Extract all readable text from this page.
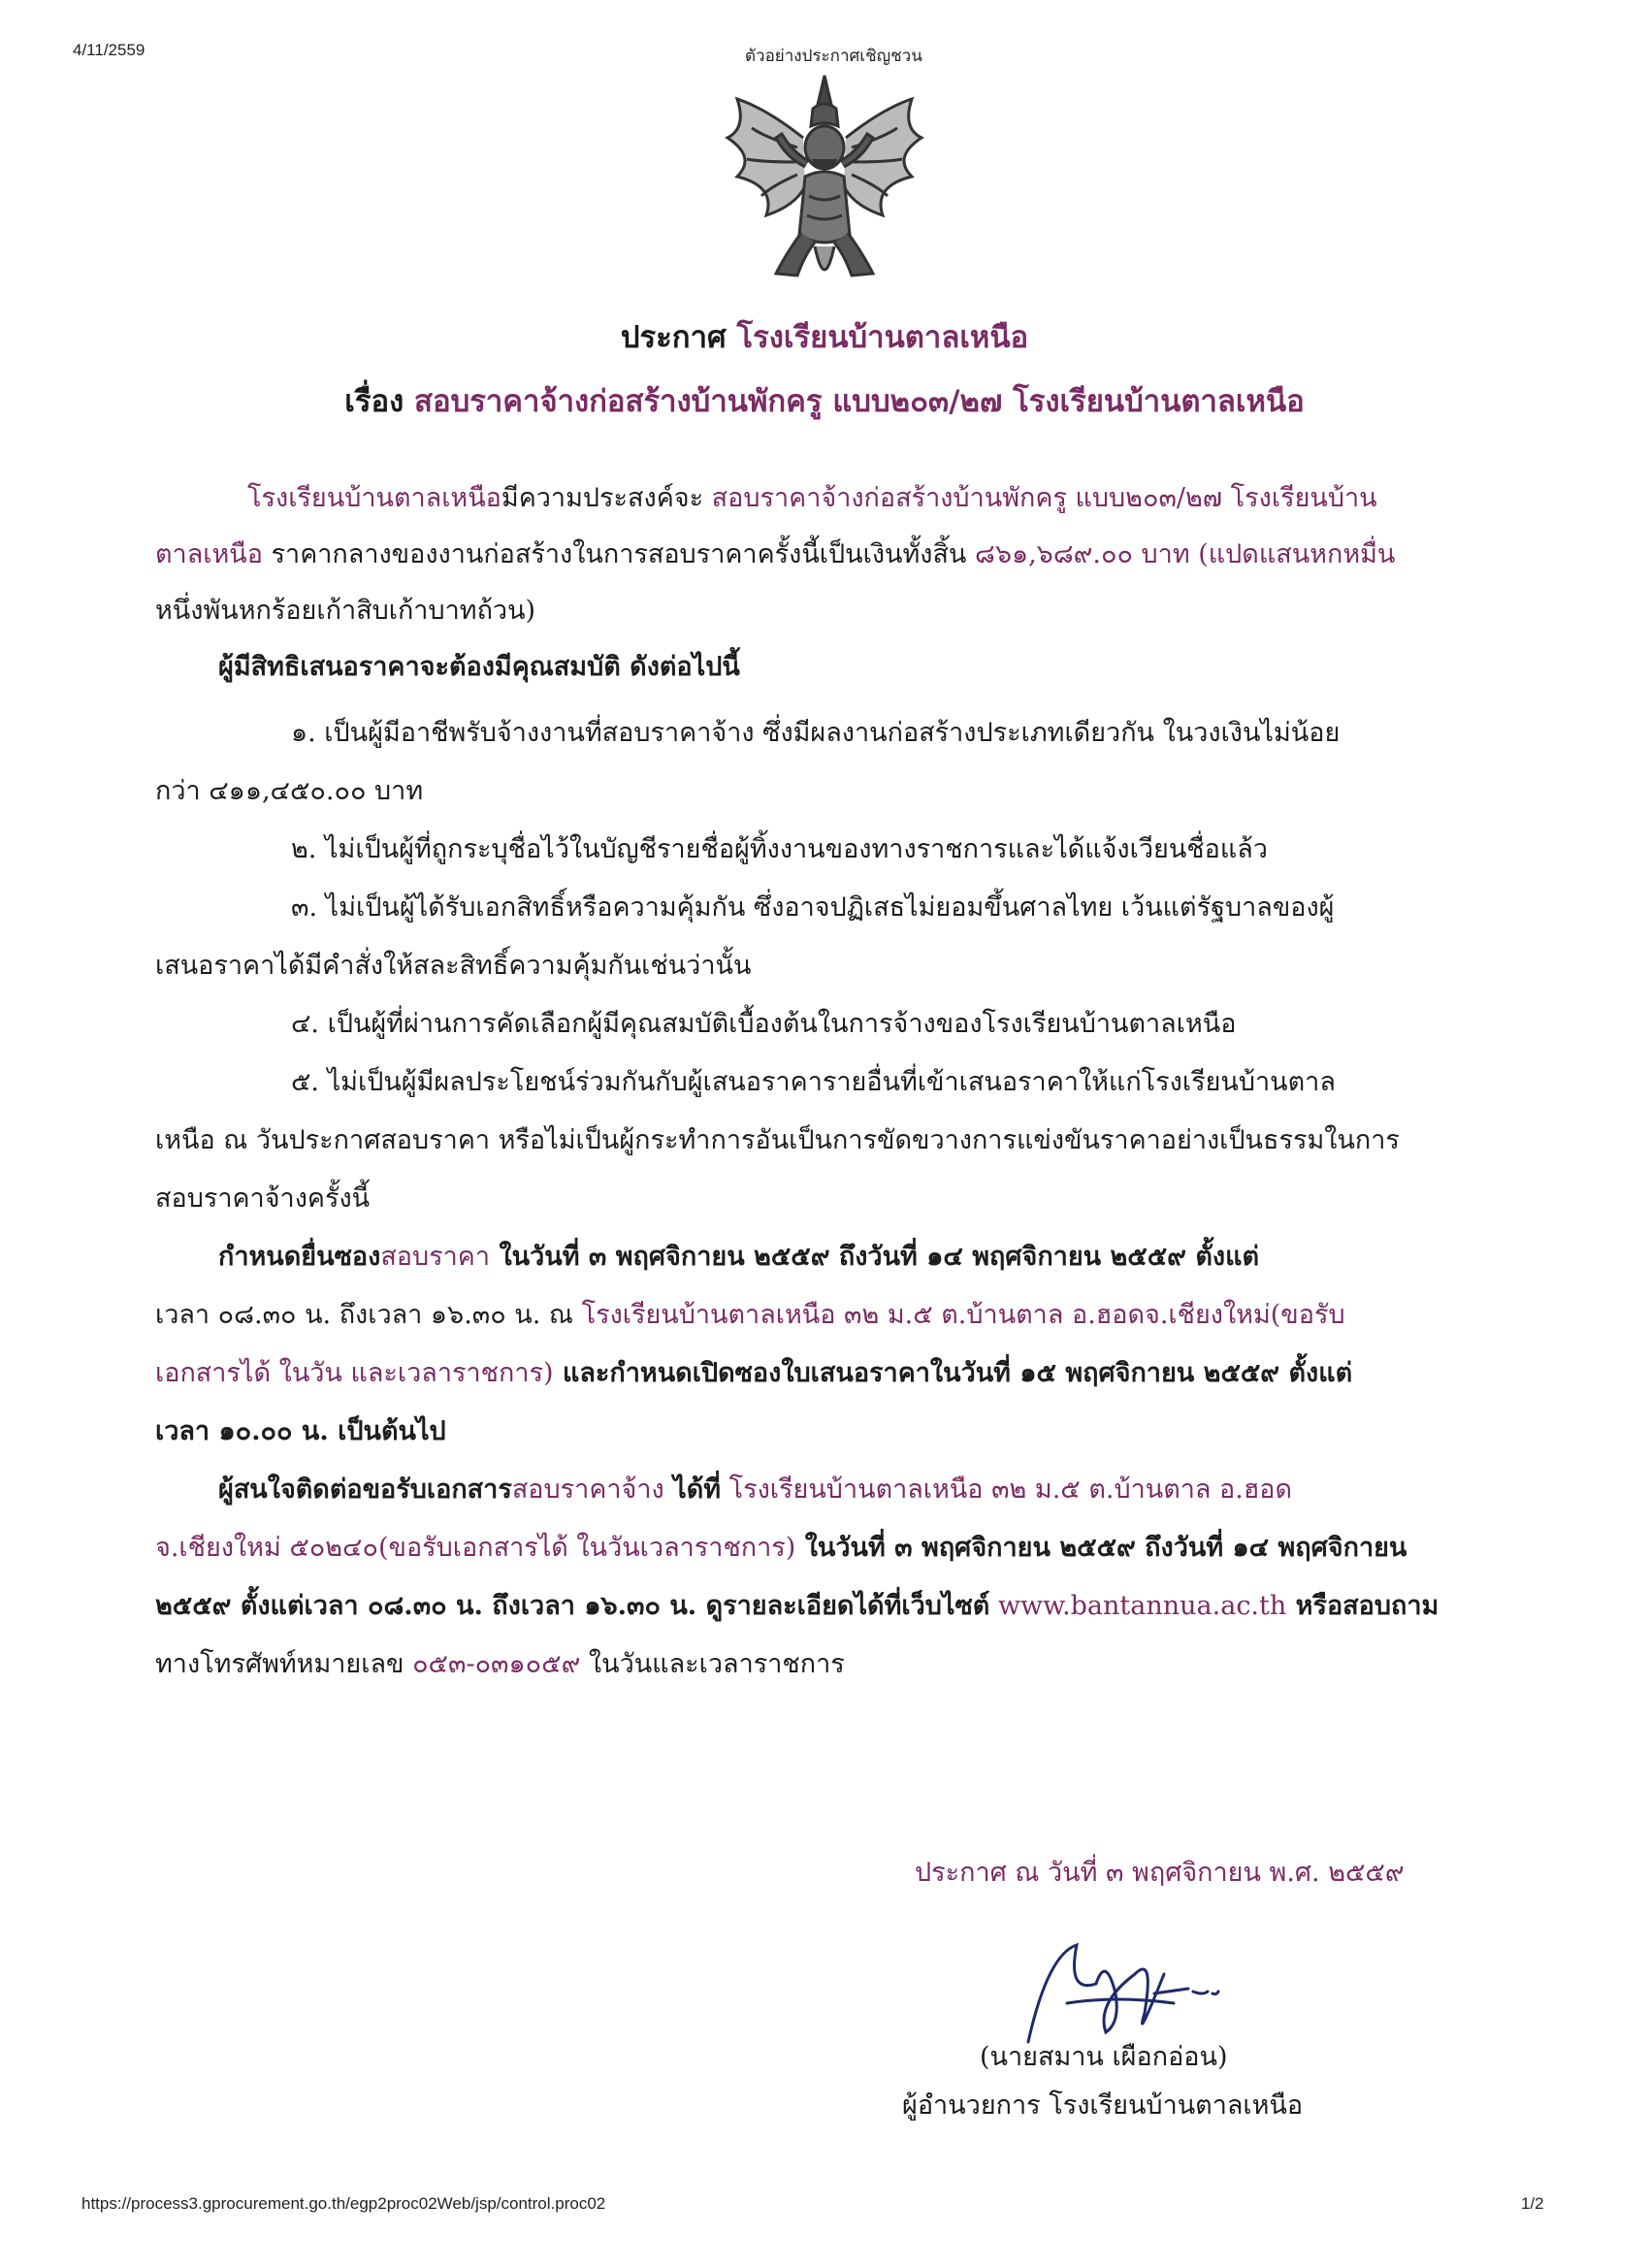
4/11/2559	ตัวอย่างประกาศเชิญชวน
https://process3.gprocurement.go.th/egp2proc02Web/jsp/control.proc02	1/2
ประกาศ โรงเรียนบ้านตาลเหนือ
เรื่อง สอบราคาจ้างก่อสร้างบ้านพักครู แบบ๒๐๓/๒๗ โรงเรียนบ้านตาลเหนือ
โรงเรียนบ้านตาลเหนือมีความประสงค์จะ สอบราคาจ้างก่อสร้างบ้านพักครู แบบ๒๐๓/๒๗ โรงเรียนบ้าน
ตาลเหนือ ราคากลางของงานก่อสร้างในการสอบราคาครั้งนี้เป็นเงินทั้งสิ้น ๘๖๑,๖๘๙.๐๐ บาท (แปดแสนหกหมื่น
หนึ่งพันหกร้อยเก้าสิบเก้าบาทถ้วน)
ผู้มีสิทธิเสนอราคาจะต้องมีคุณสมบัติ ดังต่อไปนี้
๑. เป็นผู้มีอาชีพรับจ้างงานที่สอบราคาจ้าง ซึ่งมีผลงานก่อสร้างประเภทเดียวกัน ในวงเงินไม่น้อย
กว่า ๔๑๑,๔๕๐.๐๐ บาท
๒. ไม่เป็นผู้ที่ถูกระบุชื่อไว้ในบัญชีรายชื่อผู้ทิ้งงานของทางราชการและได้แจ้งเวียนชื่อแล้ว
๓. ไม่เป็นผู้ได้รับเอกสิทธิ์หรือความคุ้มกัน ซึ่งอาจปฏิเสธไม่ยอมขึ้นศาลไทย เว้นแต่รัฐบาลของผู้
เสนอราคาได้มีคำสั่งให้สละสิทธิ์ความคุ้มกันเช่นว่านั้น
๔. เป็นผู้ที่ผ่านการคัดเลือกผู้มีคุณสมบัติเบื้องต้นในการจ้างของโรงเรียนบ้านตาลเหนือ
๕. ไม่เป็นผู้มีผลประโยชน์ร่วมกันกับผู้เสนอราคารายอื่นที่เข้าเสนอราคาให้แก่โรงเรียนบ้านตาล
เหนือ ณ วันประกาศสอบราคา หรือไม่เป็นผู้กระทำการอันเป็นการขัดขวางการแข่งขันราคาอย่างเป็นธรรมในการ
สอบราคาจ้างครั้งนี้
กำหนดยื่นซองสอบราคา ในวันที่ ๓ พฤศจิกายน ๒๕๕๙ ถึงวันที่ ๑๔ พฤศจิกายน ๒๕๕๙ ตั้งแต่
เวลา ๐๘.๓๐ น. ถึงเวลา ๑๖.๓๐ น. ณ โรงเรียนบ้านตาลเหนือ ๓๒ ม.๕ ต.บ้านตาล อ.ฮอดจ.เชียงใหม่(ขอรับ
เอกสารได้ ในวัน และเวลาราชการ) และกำหนดเปิดซองใบเสนอราคาในวันที่ ๑๕ พฤศจิกายน ๒๕๕๙ ตั้งแต่
เวลา ๑๐.๐๐ น. เป็นต้นไป
ผู้สนใจติดต่อขอรับเอกสารสอบราคาจ้าง ได้ที่ โรงเรียนบ้านตาลเหนือ ๓๒ ม.๕ ต.บ้านตาล อ.ฮอด
จ.เชียงใหม่ ๕๐๒๔๐(ขอรับเอกสารได้ ในวันเวลาราชการ) ในวันที่ ๓ พฤศจิกายน ๒๕๕๙ ถึงวันที่ ๑๔ พฤศจิกายน
๒๕๕๙ ตั้งแต่เวลา ๐๘.๓๐ น. ถึงเวลา ๑๖.๓๐ น. ดูรายละเอียดได้ที่เว็บไซต์ www.bantannua.ac.th หรือสอบถาม
ทางโทรศัพท์หมายเลข ๐๕๓-๐๓๑๐๕๙ ในวันและเวลาราชการ
ประกาศ ณ วันที่ ๓ พฤศจิกายน พ.ศ. ๒๕๕๙
(นายสมาน เผือกอ่อน)
ผู้อำนวยการ โรงเรียนบ้านตาลเหนือ
